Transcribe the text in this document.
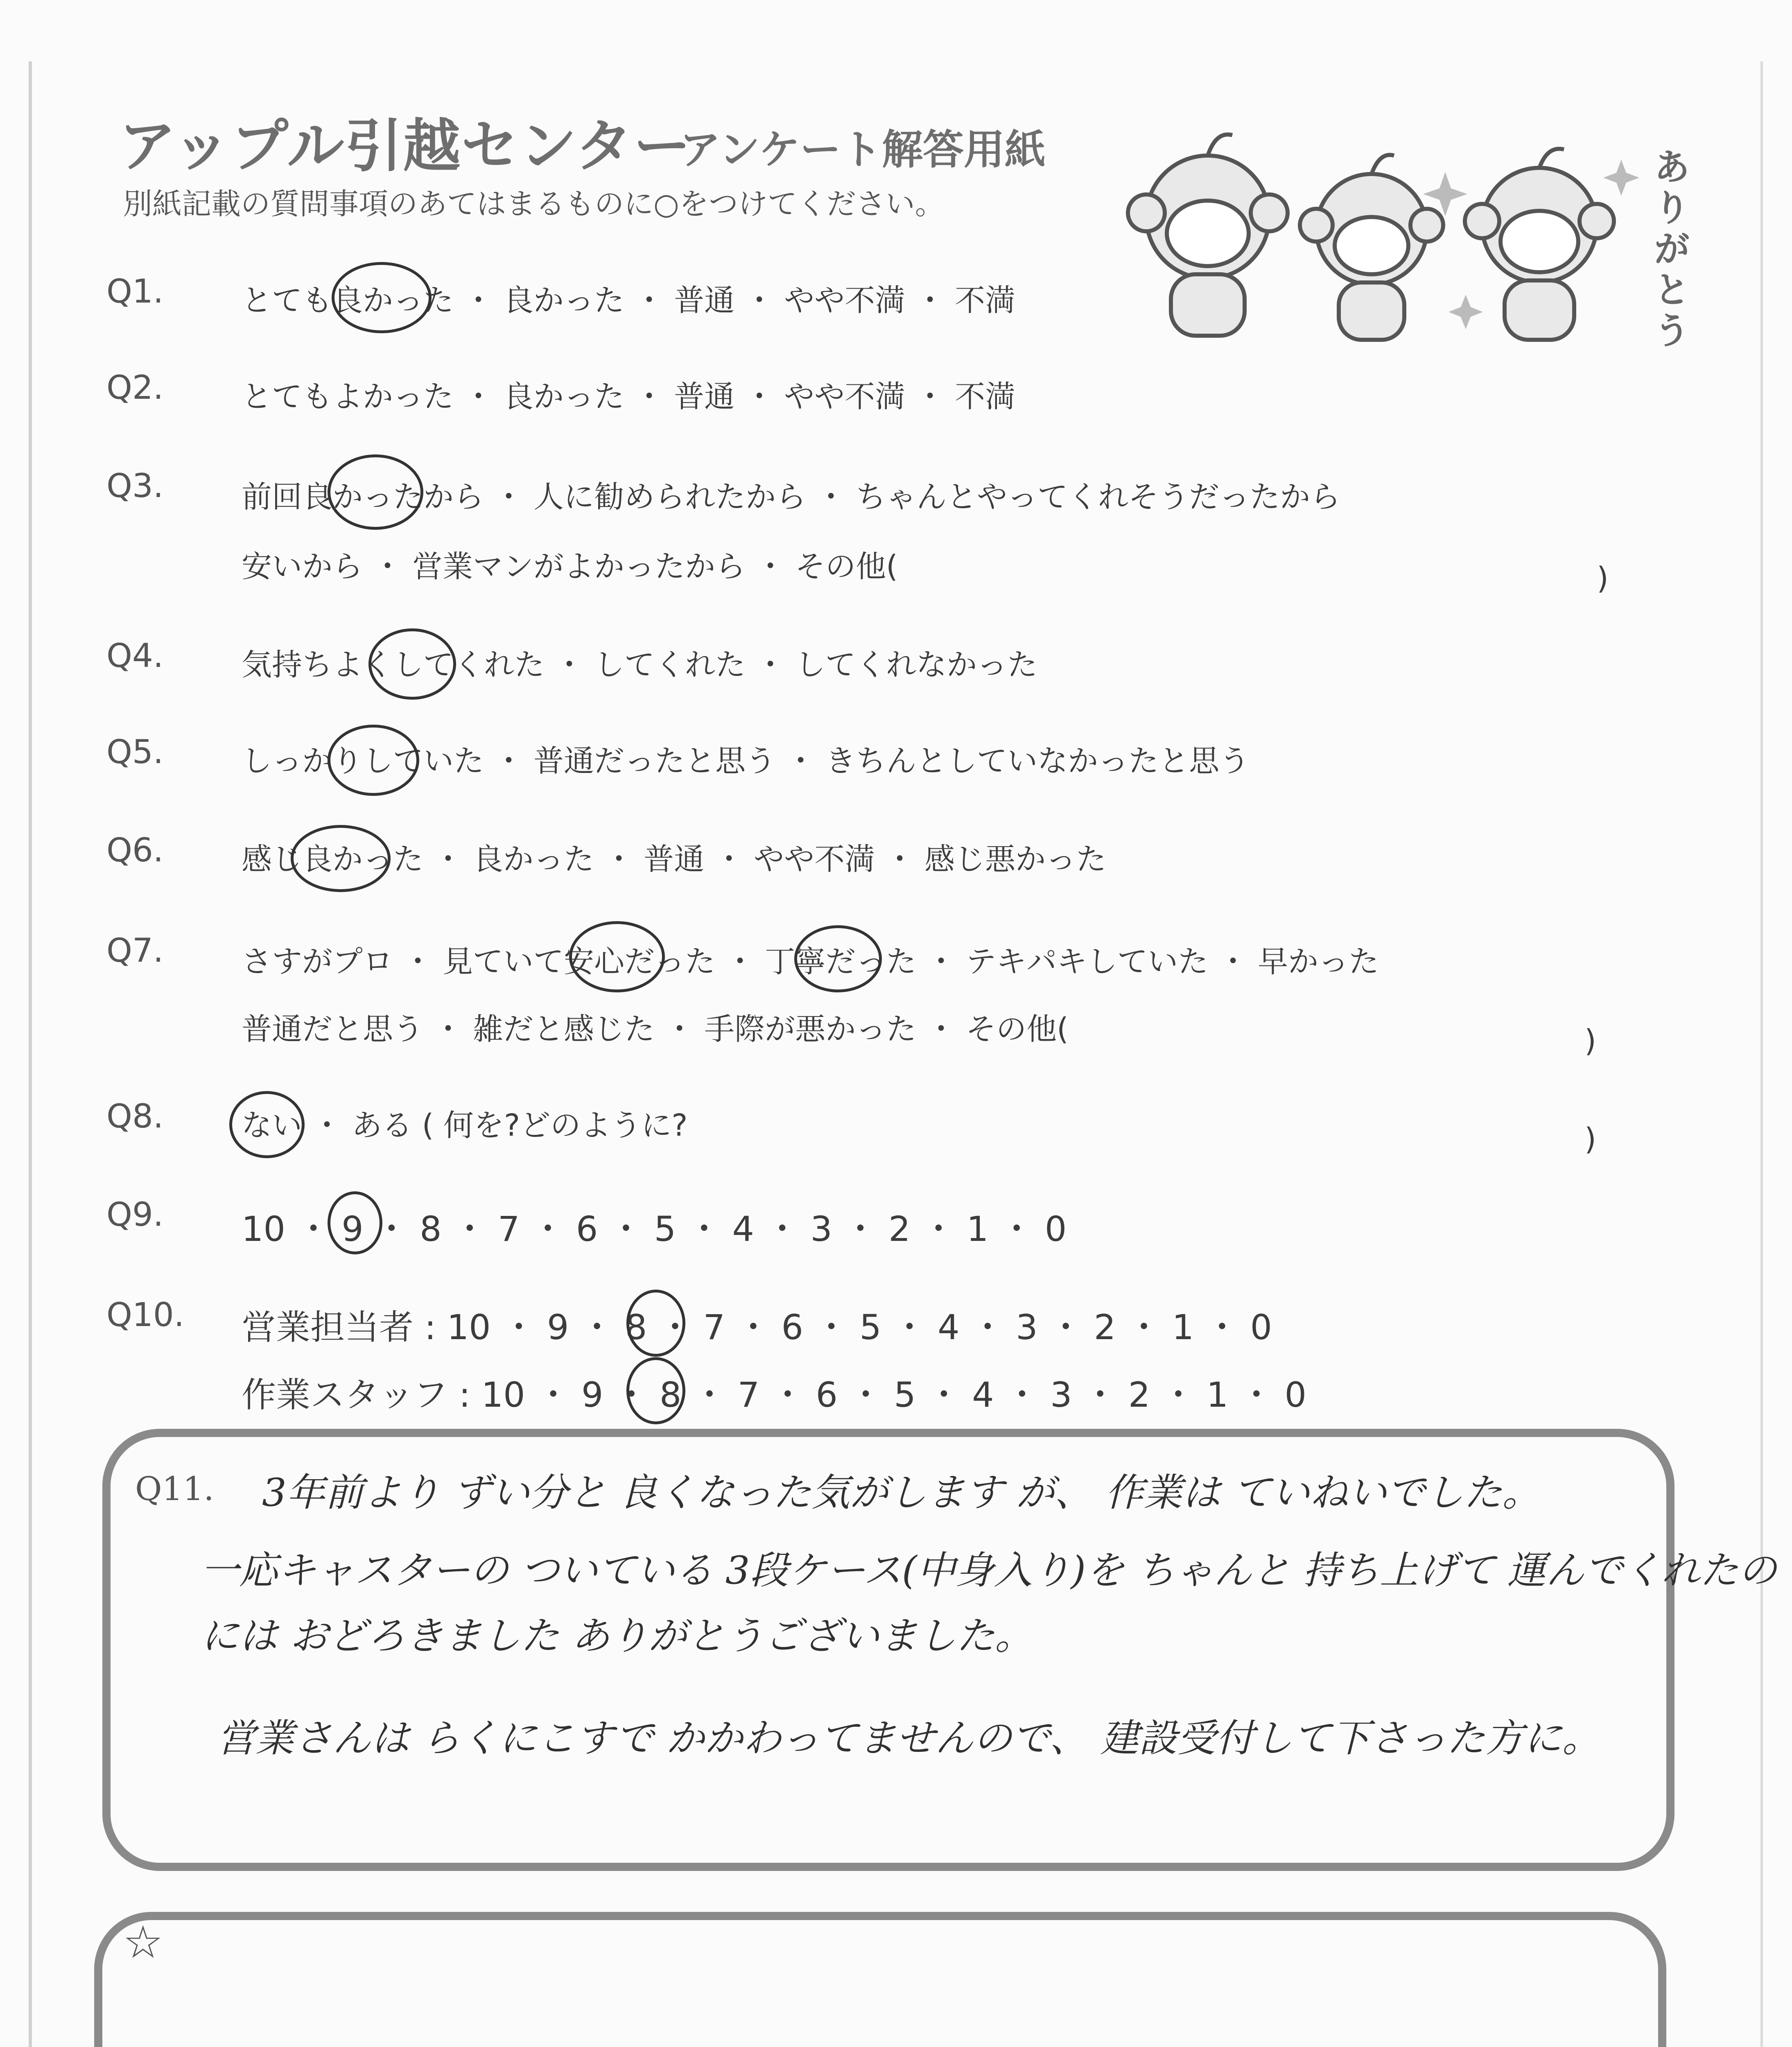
アップル引越センター
アンケート解答用紙
別紙記載の質問事項のあてはまるものに○をつけてください。	ありがとう
Q1.	とても良かった ・ 良かった ・ 普通 ・ やや不満 ・ 不満
Q2.	とてもよかった ・ 良かった ・ 普通 ・ やや不満 ・ 不満
Q3.	前回良かったから ・ 人に勧められたから ・ ちゃんとやってくれそうだったから
安いから ・ 営業マンがよかったから ・ その他(	)
Q4.	気持ちよくしてくれた ・ してくれた ・ してくれなかった
Q5.	しっかりしていた ・ 普通だったと思う ・ きちんとしていなかったと思う
Q6.	感じ良かった ・ 良かった ・ 普通 ・ やや不満 ・ 感じ悪かった
Q7.	さすがプロ ・ 見ていて安心だった ・ 丁寧だった ・ テキパキしていた ・ 早かった
普通だと思う ・ 雑だと感じた ・ 手際が悪かった ・ その他(	)
Q8.	ない ・ ある ( 何を?どのように?	)
Q9. 10 ・ 9 ・ 8 ・ 7 ・ 6 ・ 5 ・ 4 ・ 3 ・ 2 ・ 1 ・ 0
Q10. 営業担当者 : 10 ・ 9 ・ 8 ・ 7 ・ 6 ・ 5 ・ 4 ・ 3 ・ 2 ・ 1 ・ 0
作業スタッフ : 10 ・ 9 ・ 8 ・ 7 ・ 6 ・ 5 ・ 4 ・ 3 ・ 2 ・ 1 ・ 0
Q11. 3年前より ずい分と 良くなった気がします が、 作業は ていねいでした。
一応キャスターの ついている 3段ケース(中身入り)を ちゃんと 持ち上げて 運んでくれたの
には おどろきました ありがとうございました。
営業さんは らくにこすで かかわってませんので、 建設受付して下さった方に。
☆
